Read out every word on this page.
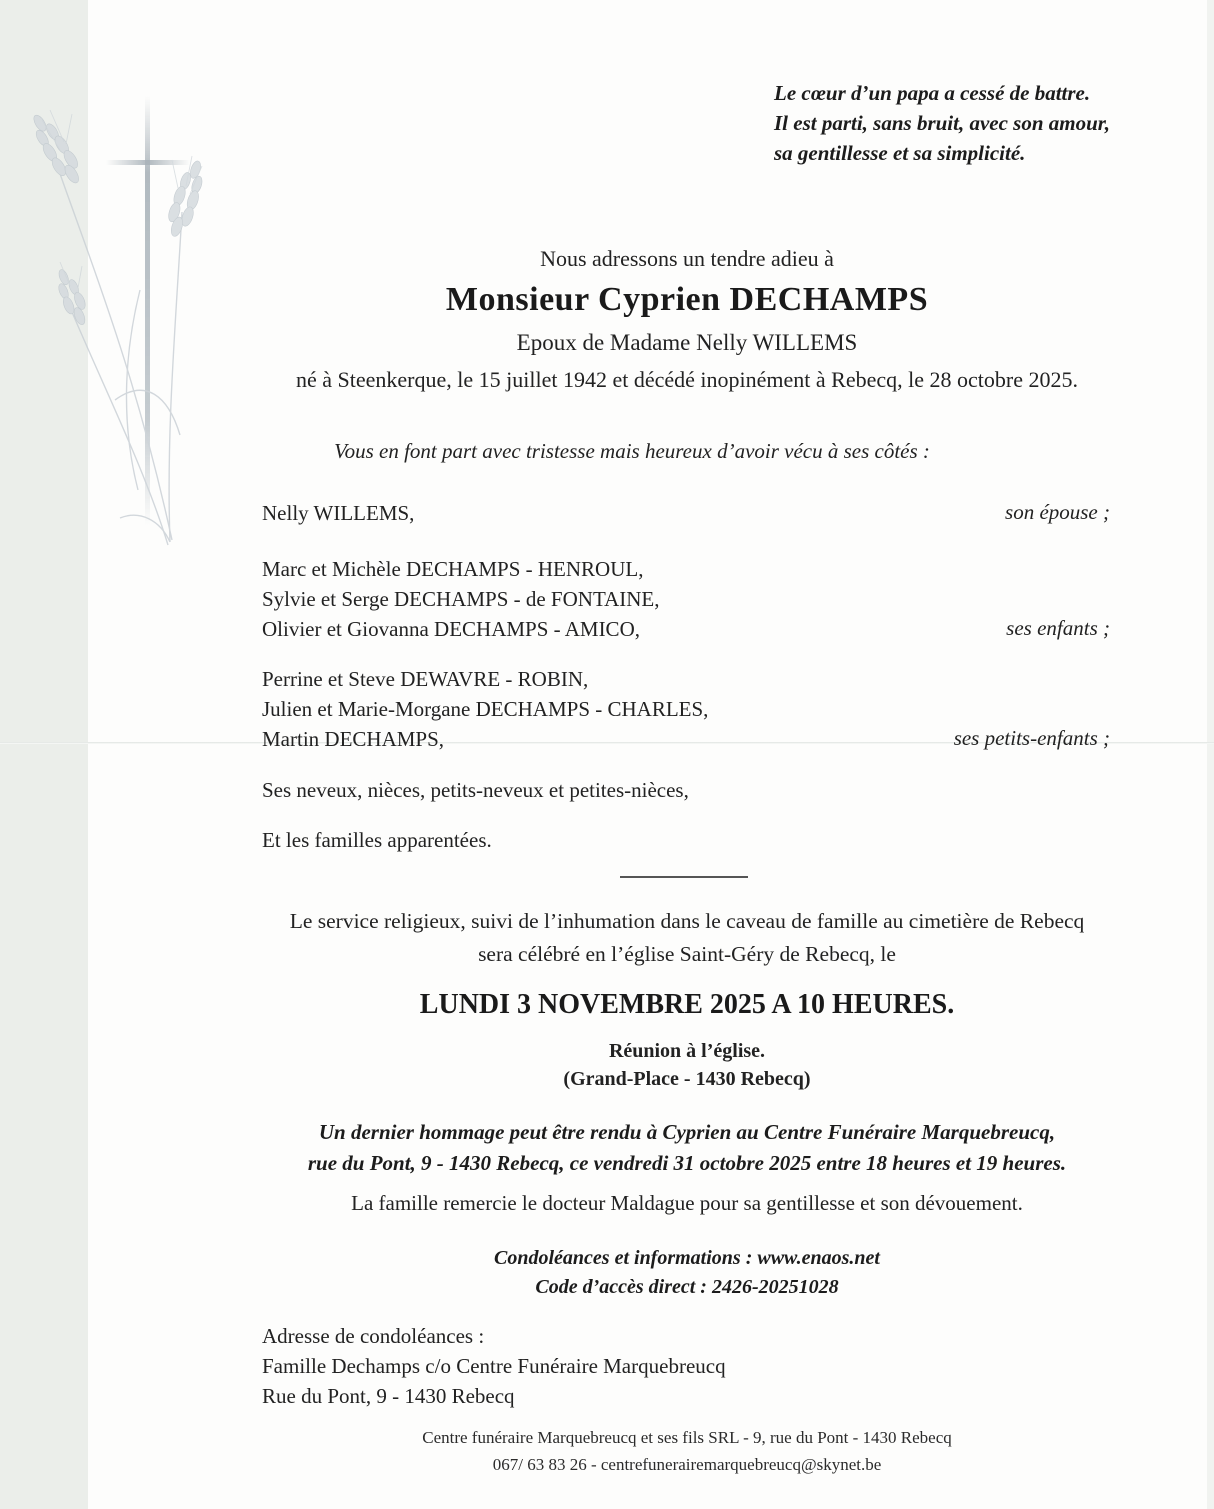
Le cœur d’un papa a cessé de battre.
Il est parti, sans bruit, avec son amour,
sa gentillesse et sa simplicité.
Nous adressons un tendre adieu à
Monsieur Cyprien DECHAMPS
Epoux de Madame Nelly WILLEMS
né à Steenkerque, le 15 juillet 1942 et décédé inopinément à Rebecq, le 28 octobre 2025.
Vous en font part avec tristesse mais heureux d’avoir vécu à ses côtés :
Nelly WILLEMS,	son épouse ;
Marc et Michèle DECHAMPS - HENROUL,
Sylvie et Serge DECHAMPS - de FONTAINE,
Olivier et Giovanna DECHAMPS - AMICO,	ses enfants ;
Perrine et Steve DEWAVRE - ROBIN,
Julien et Marie-Morgane DECHAMPS - CHARLES,
Martin DECHAMPS,	ses petits-enfants ;
Ses neveux, nièces, petits-neveux et petites-nièces,
Et les familles apparentées.
Le service religieux, suivi de l’inhumation dans le caveau de famille au cimetière de Rebecq
sera célébré en l’église Saint-Géry de Rebecq, le
LUNDI 3 NOVEMBRE 2025 A 10 HEURES.
Réunion à l’église.
(Grand-Place - 1430 Rebecq)
Un dernier hommage peut être rendu à Cyprien au Centre Funéraire Marquebreucq,
rue du Pont, 9 - 1430 Rebecq, ce vendredi 31 octobre 2025 entre 18 heures et 19 heures.
La famille remercie le docteur Maldague pour sa gentillesse et son dévouement.
Condoléances et informations : www.enaos.net
Code d’accès direct : 2426-20251028
Adresse de condoléances :
Famille Dechamps c/o Centre Funéraire Marquebreucq
Rue du Pont, 9 - 1430 Rebecq
Centre funéraire Marquebreucq et ses fils SRL - 9, rue du Pont - 1430 Rebecq
067/ 63 83 26 - centrefunerairemarquebreucq@skynet.be
